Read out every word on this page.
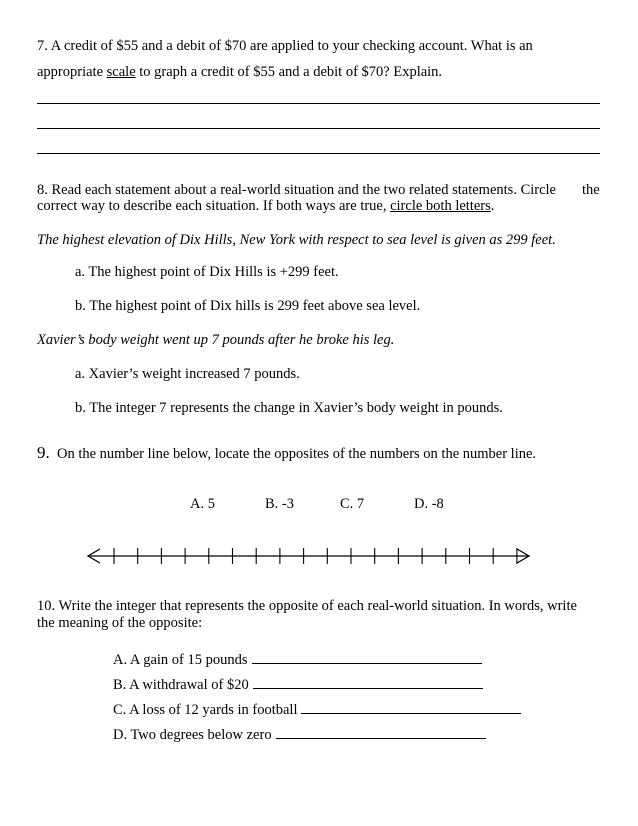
7. A credit of $55 and a debit of $70 are applied to your checking account. What is an
appropriate scale to graph a credit of $55 and a debit of $70? Explain.
8. Read each statement about a real-world situation and the two related statements. Circle the
correct way to describe each situation. If both ways are true, circle both letters.
The highest elevation of Dix Hills, New York with respect to sea level is given as 299 feet.
a. The highest point of Dix Hills is +299 feet.
b. The highest point of Dix hills is 299 feet above sea level.
Xavier’s body weight went up 7 pounds after he broke his leg.
a. Xavier’s weight increased 7 pounds.
b. The integer 7 represents the change in Xavier’s body weight in pounds.
9. On the number line below, locate the opposites of the numbers on the number line.
A. 5	B. -3	C. 7	D. -8
10. Write the integer that represents the opposite of each real-world situation. In words, write
the meaning of the opposite:
A. A gain of 15 pounds
B. A withdrawal of $20
C. A loss of 12 yards in football
D. Two degrees below zero
